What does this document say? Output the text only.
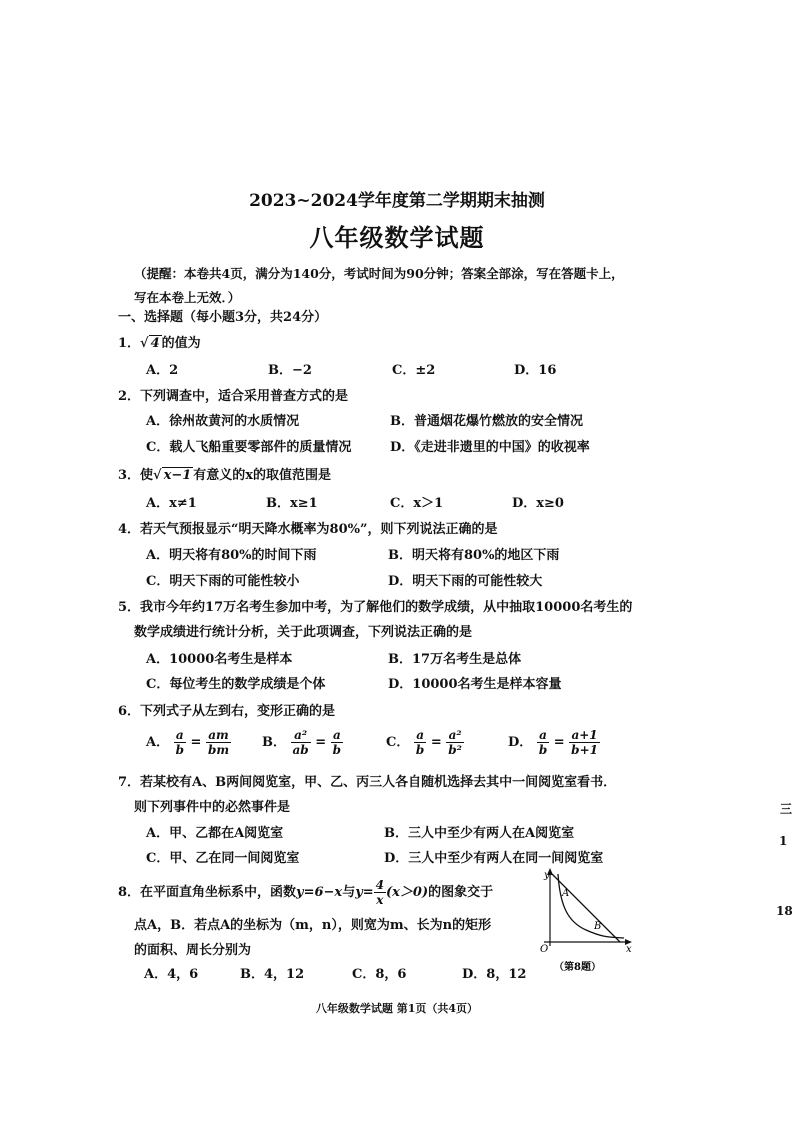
2023~2024学年度第二学期期末抽测
八年级数学试题
（提醒：本卷共4页，满分为140分，考试时间为90分钟；答案全部涂，写在答题卡上，
写在本卷上无效．）
一、选择题（每小题3分，共24分）
1．√ 4 的值为
A．2	B．−2	C．±2	D．16
2．下列调查中，适合采用普查方式的是
A．徐州故黄河的水质情况	B．普通烟花爆竹燃放的安全情况
C．载人飞船重要零部件的质量情况	D．《走进非遗里的中国》的收视率
3．使√ x−1 有意义的x的取值范围是
A．x≠1	B．x≥1	C．x＞1	D．x≥0
4．若天气预报显示“明天降水概率为80%”，则下列说法正确的是
A．明天将有80%的时间下雨	B．明天将有80%的地区下雨
C．明天下雨的可能性较小	D．明天下雨的可能性较大
5．我市今年约17万名考生参加中考，为了解他们的数学成绩，从中抽取10000名考生的
数学成绩进行统计分析，关于此项调查，下列说法正确的是
A．10000名考生是样本	B．17万名考生是总体
C．每位考生的数学成绩是个体	D．10000名考生是样本容量
6．下列式子从左到右，变形正确的是
A． $\frac{a}{b} = \frac{am}{bm}$ B． $\frac{\text{a²}}{ab} = \frac{a}{b}$	C． $\frac{a}{b} = \frac{\text{a²}}{\text{b²}}$	D． $\frac{a}{b} = \frac{a+1}{b+1}$
7．若某校有A、B两间阅览室，甲、乙、丙三人各自随机选择去其中一间阅览室看书．
则下列事件中的必然事件是
A．甲、乙都在A阅览室	B．三人中至少有两人在A阅览室
C．甲、乙在同一间阅览室	D．三人中至少有两人在同一间阅览室
8．在平面直角坐标系中，函数y=6−x与$y= \frac{4}{x} (x>0)$的图象交于
点A，B．若点A的坐标为（m，n），则宽为m、长为n的矩形
的面积、周长分别为
A．4，6	B．4，12	C．8，6	D．8，12
y
x
O
A
B
（第8题）
三
1
18
八年级数学试题 第1页（共4页）
